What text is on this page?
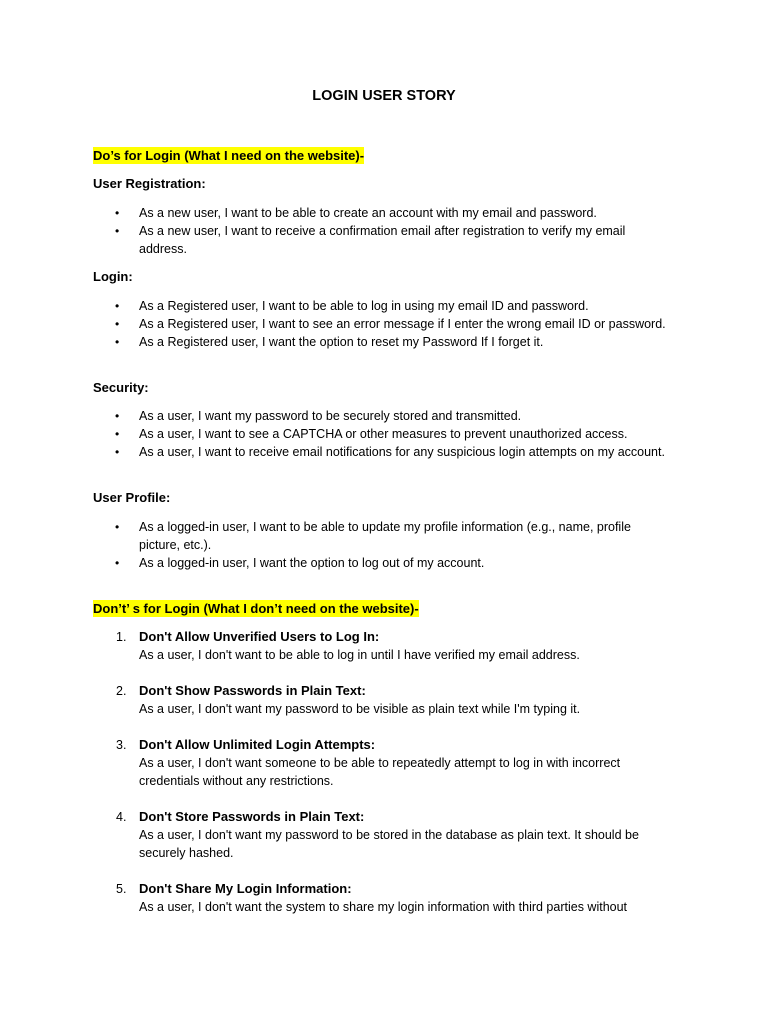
LOGIN USER STORY

Do’s for Login (What I need on the website)-

User Registration:

• As a new user, I want to be able to create an account with my email and password.
• As a new user, I want to receive a confirmation email after registration to verify my email address.

Login:

• As a Registered user, I want to be able to log in using my email ID and password.
• As a Registered user, I want to see an error message if I enter the wrong email ID or password.
• As a Registered user, I want the option to reset my Password If I forget it.

Security:

• As a user, I want my password to be securely stored and transmitted.
• As a user, I want to see a CAPTCHA or other measures to prevent unauthorized access.
• As a user, I want to receive email notifications for any suspicious login attempts on my account.

User Profile:

• As a logged-in user, I want to be able to update my profile information (e.g., name, profile picture, etc.).
• As a logged-in user, I want the option to log out of my account.

Don’t’ s for Login (What I don’t need on the website)-

1. Don't Allow Unverified Users to Log In:
As a user, I don't want to be able to log in until I have verified my email address.
2. Don't Show Passwords in Plain Text:
As a user, I don't want my password to be visible as plain text while I'm typing it.
3. Don't Allow Unlimited Login Attempts:
As a user, I don't want someone to be able to repeatedly attempt to log in with incorrect credentials without any restrictions.
4. Don't Store Passwords in Plain Text:
As a user, I don't want my password to be stored in the database as plain text. It should be securely hashed.
5. Don't Share My Login Information:
As a user, I don't want the system to share my login information with third parties without
